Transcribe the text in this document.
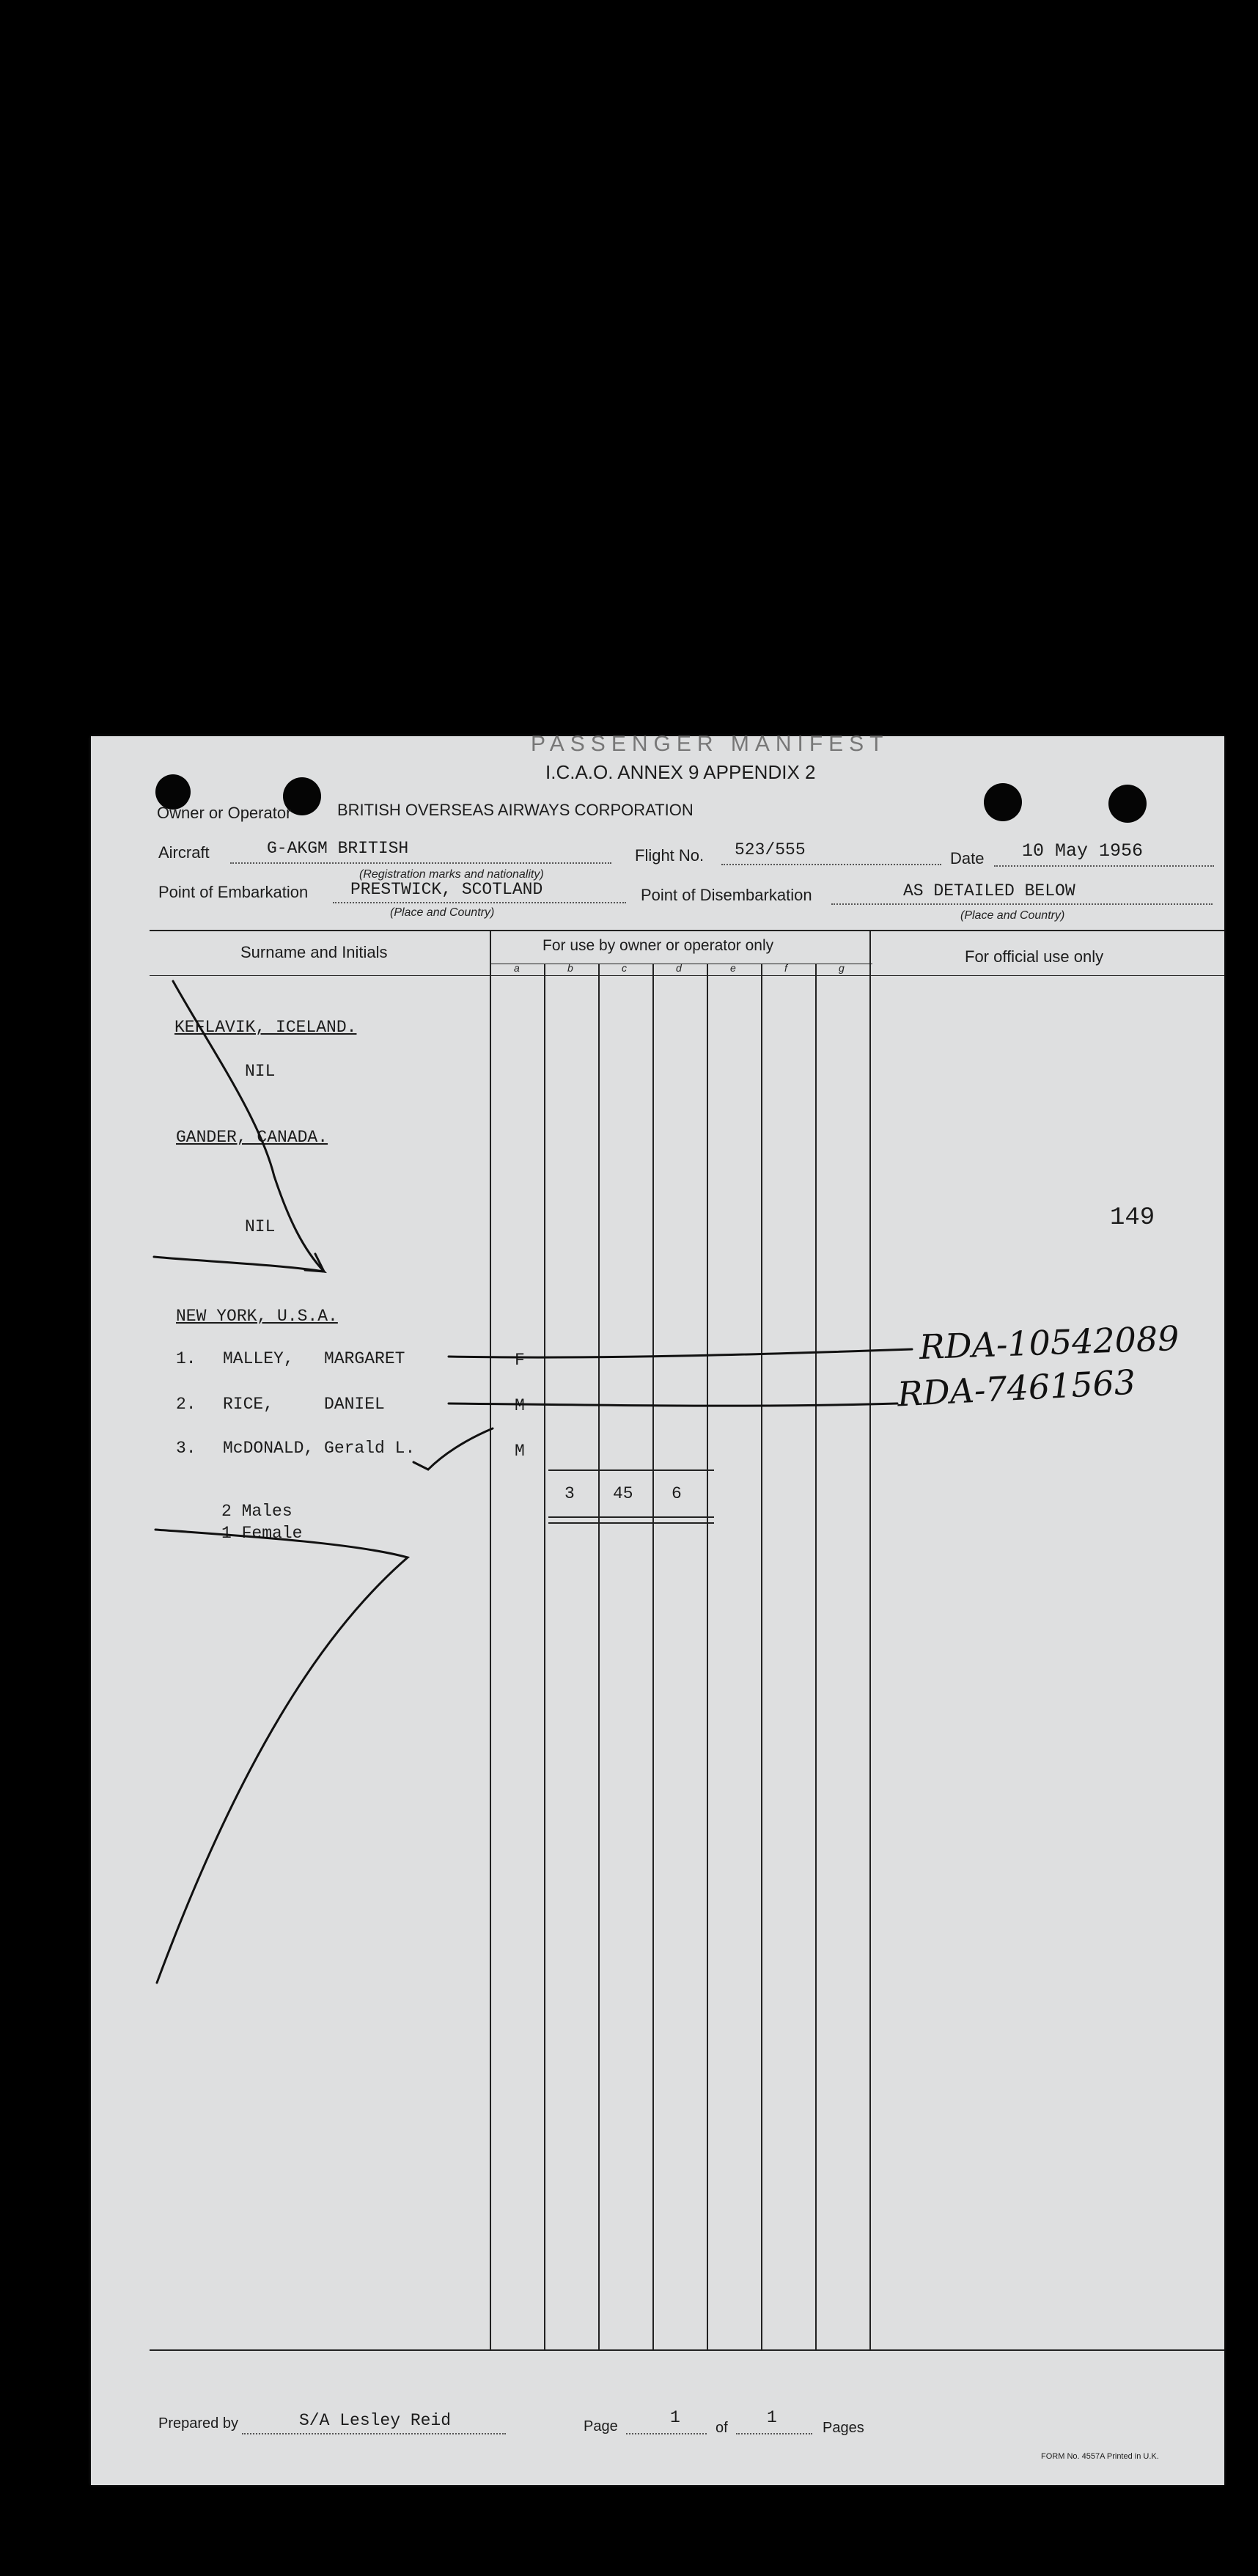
PASSENGER MANIFEST
I.C.A.O. ANNEX 9 APPENDIX 2
Owner or Operator	BRITISH OVERSEAS AIRWAYS CORPORATION
Aircraft	G-AKGM BRITISH
(Registration marks and nationality)
Flight No. 523/555	Date 10 May 1956
Point of Embarkation	PRESTWICK, SCOTLAND
(Place and Country)
Point of Disembarkation	AS DETAILED BELOW
(Place and Country)
Surname and Initials	For use by owner or operator only
For official use only
a	b	c	d	e	f	g
KEFLAVIK, ICELAND.
NIL
GANDER, CANADA.
NIL
NEW YORK, U.S.A.
1. MALLEY,   MARGARET	F
2. RICE,     DANIEL	M
3. McDONALD, Gerald L.	M
3 45 6
2 Males
1 Female
149
RDA-10542089
RDA-7461563
Prepared by	S/A Lesley Reid	Page	1
of
1
Pages
FORM No. 4557A Printed in U.K.
